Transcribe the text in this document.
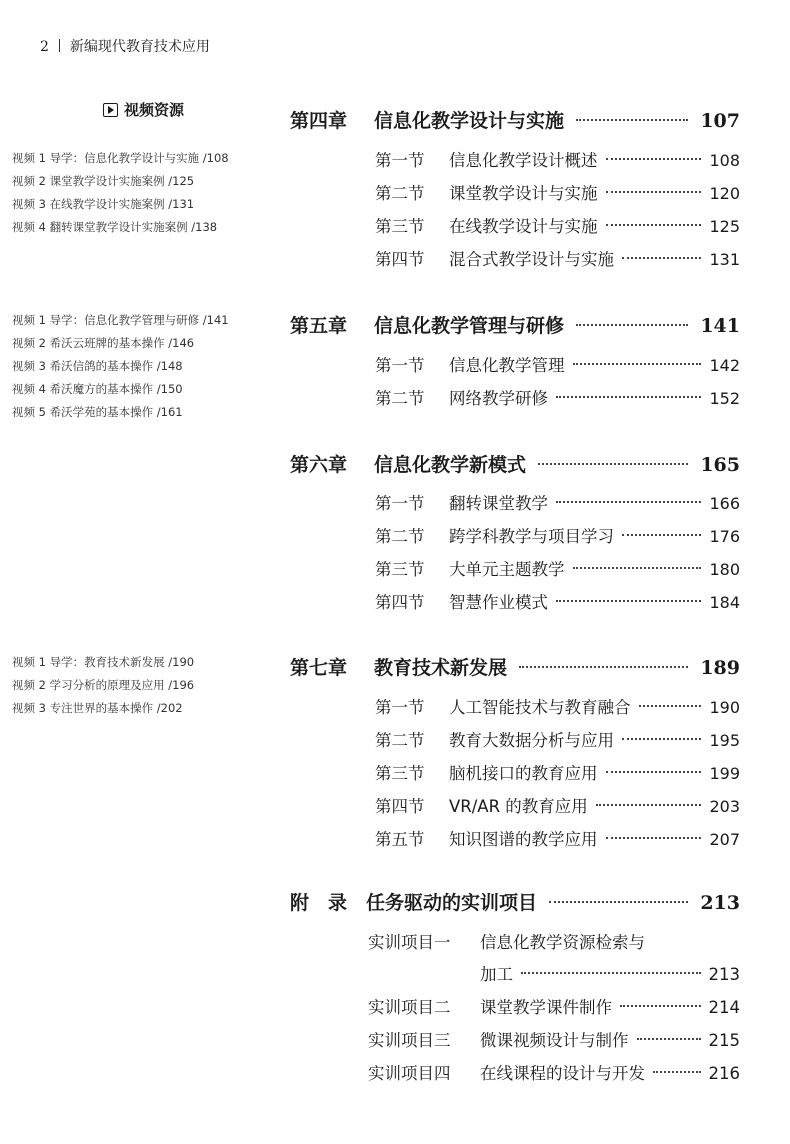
2 新编现代教育技术应用
视频资源
视频 1 导学：信息化教学设计与实施 /108
视频 2 课堂教学设计实施案例 /125
视频 3 在线教学设计实施案例 /131
视频 4 翻转课堂教学设计实施案例 /138
视频 1 导学：信息化教学管理与研修 /141
视频 2 希沃云班牌的基本操作 /146
视频 3 希沃信鸽的基本操作 /148
视频 4 希沃魔方的基本操作 /150
视频 5 希沃学苑的基本操作 /161
视频 1 导学：教育技术新发展 /190
视频 2 学习分析的原理及应用 /196
视频 3 专注世界的基本操作 /202
第四章	信息化教学设计与实施	107
第一节	信息化教学设计概述	108
第二节	课堂教学设计与实施	120
第三节	在线教学设计与实施	125
第四节	混合式教学设计与实施	131
第五章	信息化教学管理与研修	141
第一节	信息化教学管理	142
第二节	网络教学研修	152
第六章	信息化教学新模式	165
第一节	翻转课堂教学	166
第二节	跨学科教学与项目学习	176
第三节	大单元主题教学	180
第四节	智慧作业模式	184
第七章	教育技术新发展	189
第一节	人工智能技术与教育融合	190
第二节	教育大数据分析与应用	195
第三节	脑机接口的教育应用	199
第四节	VR/AR 的教育应用	203
第五节	知识图谱的教学应用	207
附　录 任务驱动的实训项目	213
实训项目一	信息化教学资源检索与
加工	213
实训项目二	课堂教学课件制作	214
实训项目三	微课视频设计与制作	215
实训项目四	在线课程的设计与开发	216
